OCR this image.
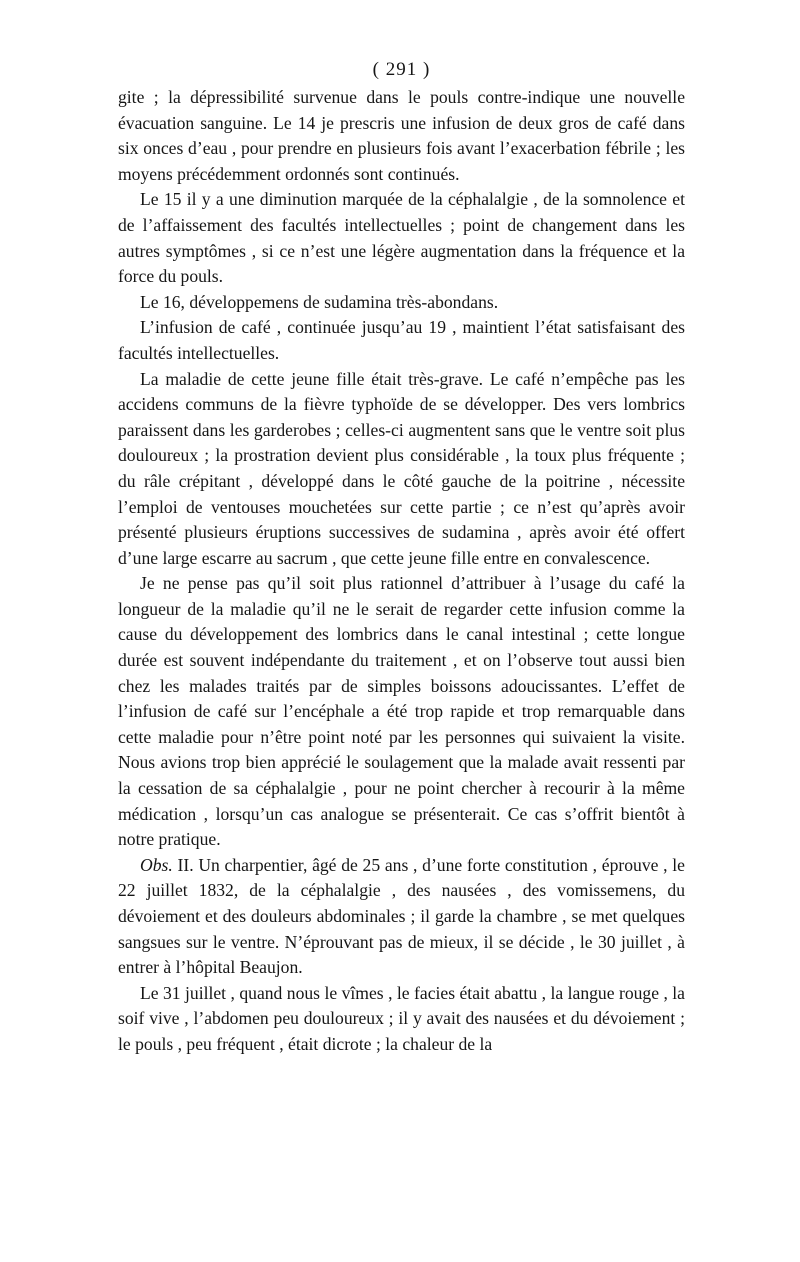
( 291 )

gite ; la dépressibilité survenue dans le pouls contre-indique une nouvelle évacuation sanguine. Le 14 je prescris une infusion de deux gros de café dans six onces d’eau , pour prendre en plusieurs fois avant l’exacerbation fébrile ; les moyens précédemment ordonnés sont continués.

Le 15 il y a une diminution marquée de la céphalalgie , de la somnolence et de l’affaissement des facultés intellectuelles ; point de changement dans les autres symptômes , si ce n’est une légère augmentation dans la fréquence et la force du pouls.

Le 16, développemens de sudamina très-abondans.

L’infusion de café , continuée jusqu’au 19 , maintient l’état satisfaisant des facultés intellectuelles.

La maladie de cette jeune fille était très-grave. Le café n’empêche pas les accidens communs de la fièvre typhoïde de se développer. Des vers lombrics paraissent dans les garderobes ; celles-ci augmentent sans que le ventre soit plus douloureux ; la prostration devient plus considérable , la toux plus fréquente ; du râle crépitant , développé dans le côté gauche de la poitrine , nécessite l’emploi de ventouses mouchetées sur cette partie ; ce n’est qu’après avoir présenté plusieurs éruptions successives de sudamina , après avoir été offert d’une large escarre au sacrum , que cette jeune fille entre en convalescence.

Je ne pense pas qu’il soit plus rationnel d’attribuer à l’usage du café la longueur de la maladie qu’il ne le serait de regarder cette infusion comme la cause du développement des lombrics dans le canal intestinal ; cette longue durée est souvent indépendante du traitement , et on l’observe tout aussi bien chez les malades traités par de simples boissons adoucissantes. L’effet de l’infusion de café sur l’encéphale a été trop rapide et trop remarquable dans cette maladie pour n’être point noté par les personnes qui suivaient la visite. Nous avions trop bien apprécié le soulagement que la malade avait ressenti par la cessation de sa céphalalgie , pour ne point chercher à recourir à la même médication , lorsqu’un cas analogue se présenterait. Ce cas s’offrit bientôt à notre pratique.

Obs. II. Un charpentier, âgé de 25 ans , d’une forte constitution , éprouve , le 22 juillet 1832, de la céphalalgie , des nausées , des vomissemens, du dévoiement et des douleurs abdominales ; il garde la chambre , se met quelques sangsues sur le ventre. N’éprouvant pas de mieux, il se décide , le 30 juillet , à entrer à l’hôpital Beaujon.

Le 31 juillet , quand nous le vîmes , le facies était abattu , la langue rouge , la soif vive , l’abdomen peu douloureux ; il y avait des nausées et du dévoiement ; le pouls , peu fréquent , était dicrote ; la chaleur de la
